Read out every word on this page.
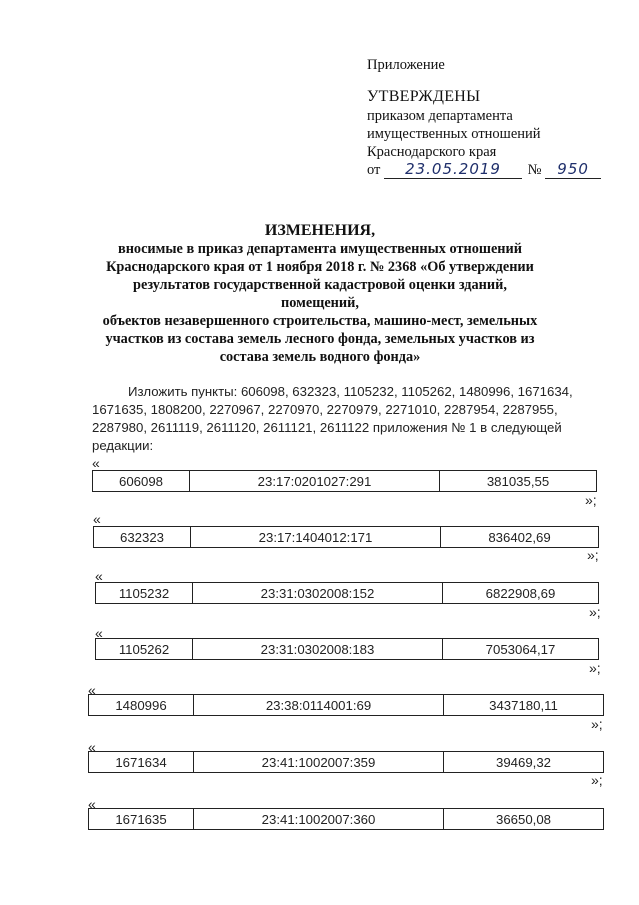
Приложение
УТВЕРЖДЕНЫ
приказом департамента
имущественных отношений
Краснодарского края
от 23.05.2019 № 950
ИЗМЕНЕНИЯ,
вносимые в приказ департамента имущественных отношений
Краснодарского края от 1 ноября 2018 г. № 2368 «Об утверждении
результатов государственной кадастровой оценки зданий, помещений,
объектов незавершенного строительства, машино-мест, земельных
участков из состава земель лесного фонда, земельных участков из
состава земель водного фонда»
Изложить пункты: 606098, 632323, 1105232, 1105262, 1480996, 1671634,
1671635, 1808200, 2270967, 2270970, 2270979, 2271010, 2287954, 2287955,
2287980, 2611119, 2611120, 2611121, 2611122 приложения № 1 в следующей
редакции:
«
606098	23:17:0201027:291	381035,55
»;
«
632323	23:17:1404012:171	836402,69
»;
«
1105232	23:31:0302008:152	6822908,69
»;
«
1105262	23:31:0302008:183	7053064,17
»;
«
1480996	23:38:0114001:69	3437180,11
»;
«
1671634	23:41:1002007:359	39469,32
»;
«
1671635	23:41:1002007:360	36650,08
